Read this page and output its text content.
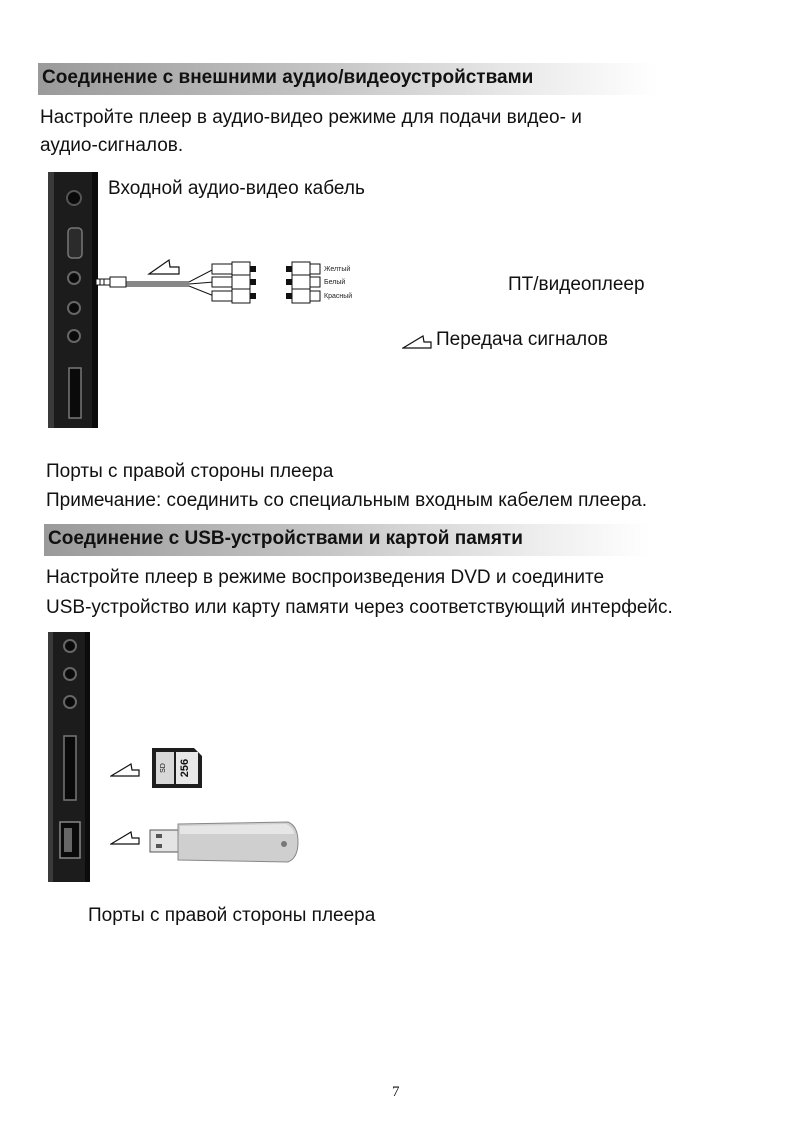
Соединение с внешними аудио/видеоустройствами
Настройте плеер в аудио-видео режиме для подачи видео- и
аудио-сигналов.
Входной аудио-видео кабель
Желтый
Белый
Красный
ПТ/видеоплеер
Передача сигналов
Порты с правой стороны плеера
Примечание: соединить со специальным входным кабелем плеера.
Соединение с USB-устройствами и картой памяти
Настройте плеер в режиме воспроизведения DVD и соедините
USB-устройство или карту памяти через соответствующий интерфейс.
SD 256
Порты с правой стороны плеера
7
